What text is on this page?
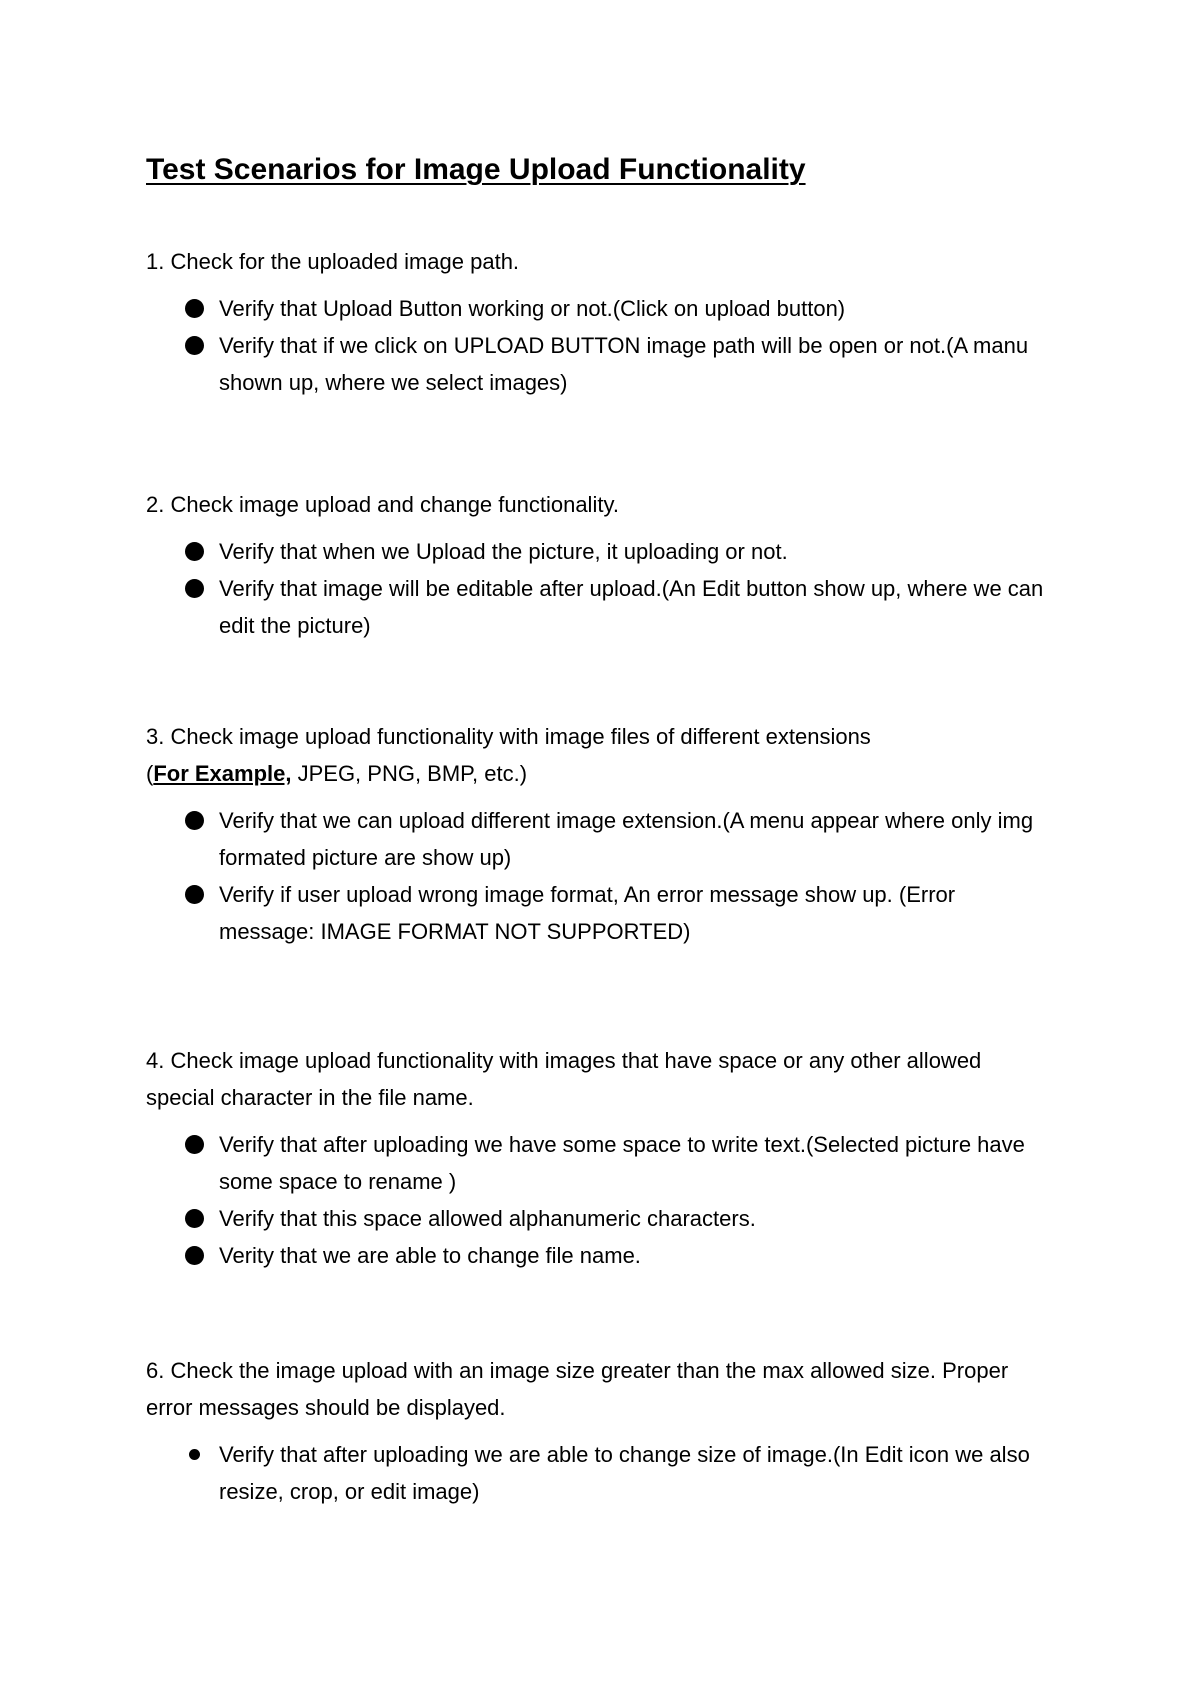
Test Scenarios for Image Upload Functionality

1. Check for the uploaded image path.

Verify that Upload Button working or not.(Click on upload button)
Verify that if we click on UPLOAD BUTTON image path will be open or not.(A manu shown up, where we select images)

2. Check image upload and change functionality.

Verify that when we Upload the picture, it uploading or not.
Verify that image will be editable after upload.(An Edit button show up, where we can edit the picture)

3. Check image upload functionality with image files of different extensions
(For Example, JPEG, PNG, BMP, etc.)

Verify that we can upload different image extension.(A menu appear where only img formated picture are show up)
Verify if user upload wrong image format, An error message show up. (Error message: IMAGE FORMAT NOT SUPPORTED)

4. Check image upload functionality with images that have space or any other allowed special character in the file name.

Verify that after uploading we have some space to write text.(Selected picture have some space to rename )
Verify that this space allowed alphanumeric characters.
Verity that we are able to change file name.

6. Check the image upload with an image size greater than the max allowed size. Proper error messages should be displayed.

Verify that after uploading we are able to change size of image.(In Edit icon we also resize, crop, or edit image)
